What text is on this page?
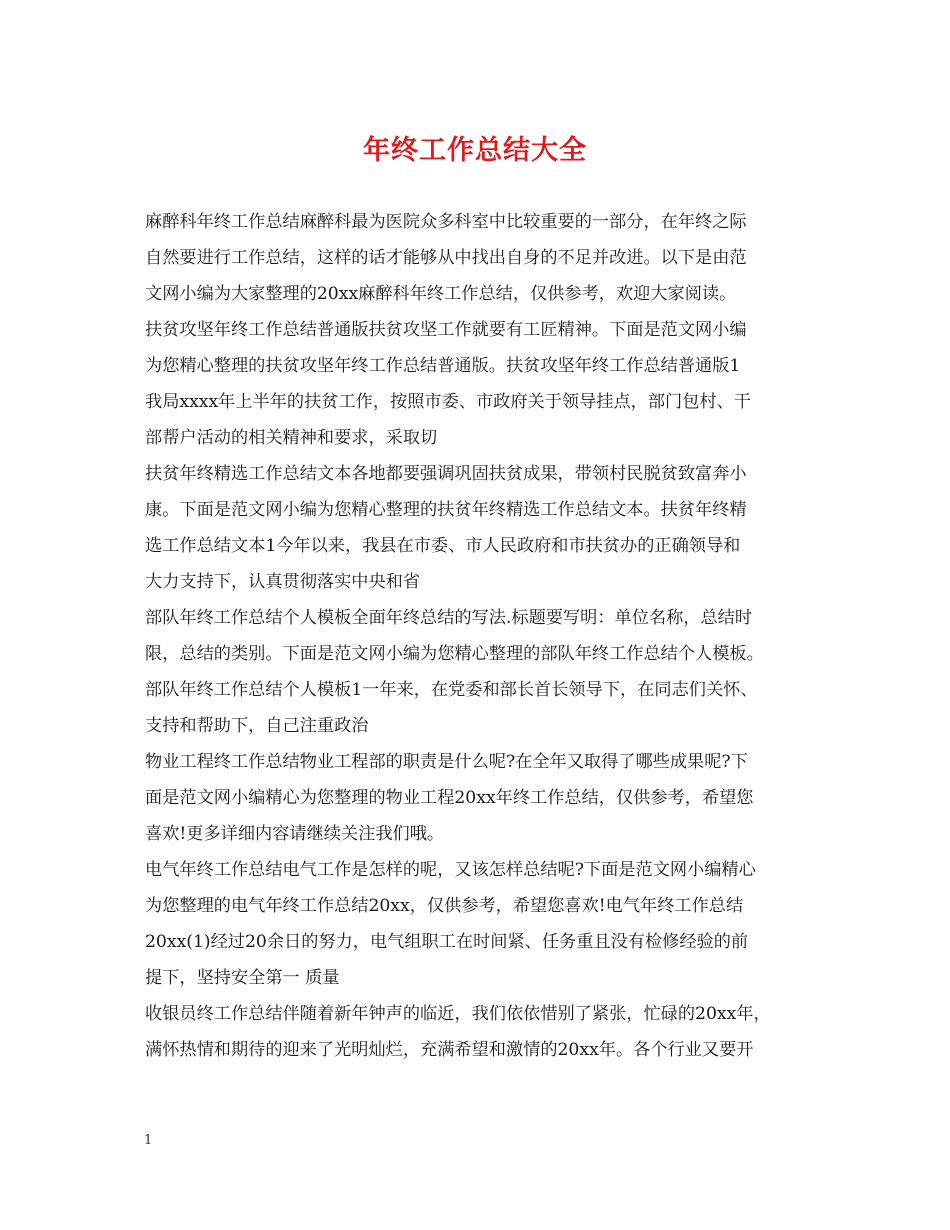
年终工作总结大全
麻醉科年终工作总结麻醉科最为医院众多科室中比较重要的一部分，在年终之际
自然要进行工作总结，这样的话才能够从中找出自身的不足并改进。以下是由范
文网小编为大家整理的20xx麻醉科年终工作总结，仅供参考，欢迎大家阅读。
扶贫攻坚年终工作总结普通版扶贫攻坚工作就要有工匠精神。下面是范文网小编
为您精心整理的扶贫攻坚年终工作总结普通版。扶贫攻坚年终工作总结普通版1
我局xxxx年上半年的扶贫工作，按照市委、市政府关于领导挂点，部门包村、干
部帮户活动的相关精神和要求，采取切
扶贫年终精选工作总结文本各地都要强调巩固扶贫成果，带领村民脱贫致富奔小
康。下面是范文网小编为您精心整理的扶贫年终精选工作总结文本。扶贫年终精
选工作总结文本1今年以来，我县在市委、市人民政府和市扶贫办的正确领导和
大力支持下，认真贯彻落实中央和省
部队年终工作总结个人模板全面年终总结的写法.标题要写明：单位名称，总结时
限，总结的类别。下面是范文网小编为您精心整理的部队年终工作总结个人模板。
部队年终工作总结个人模板1一年来，在党委和部长首长领导下，在同志们关怀、
支持和帮助下，自己注重政治
物业工程终工作总结物业工程部的职责是什么呢?在全年又取得了哪些成果呢?下
面是范文网小编精心为您整理的物业工程20xx年终工作总结，仅供参考，希望您
喜欢!更多详细内容请继续关注我们哦。
电气年终工作总结电气工作是怎样的呢，又该怎样总结呢?下面是范文网小编精心
为您整理的电气年终工作总结20xx，仅供参考，希望您喜欢!电气年终工作总结
20xx(1)经过20余日的努力，电气组职工在时间紧、任务重且没有检修经验的前
提下，坚持安全第一 质量
收银员终工作总结伴随着新年钟声的临近，我们依依惜别了紧张，忙碌的20xx年，
满怀热情和期待的迎来了光明灿烂，充满希望和激情的20xx年。各个行业又要开
1
